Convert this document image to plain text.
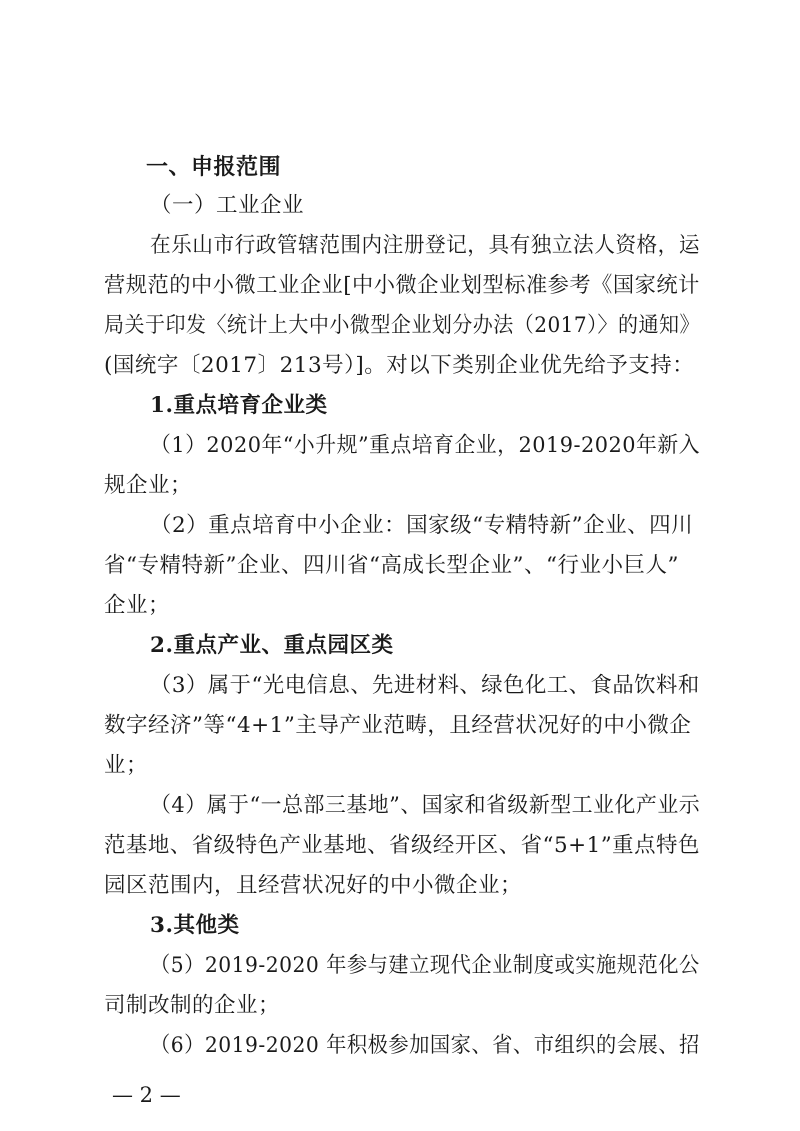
一、申报范围
（一）工业企业
在乐山市行政管辖范围内注册登记，具有独立法人资格，运
营规范的中小微工业企业[中小微企业划型标准参考《国家统计
局关于印发〈统计上大中小微型企业划分办法（2017）〉的通知》
(国统字〔2017〕213号）]。对以下类别企业优先给予支持：
1.重点培育企业类
（1）2020年“小升规”重点培育企业，2019-2020年新入
规企业；
（2）重点培育中小企业：国家级“专精特新”企业、四川
省“专精特新”企业、四川省“高成长型企业”、“行业小巨人”
企业；
2.重点产业、重点园区类
（3）属于“光电信息、先进材料、绿色化工、食品饮料和
数字经济”等“4+1”主导产业范畴，且经营状况好的中小微企
业；
（4）属于“一总部三基地”、国家和省级新型工业化产业示
范基地、省级特色产业基地、省级经开区、省“5+1”重点特色
园区范围内，且经营状况好的中小微企业；
3.其他类
（5）2019-2020 年参与建立现代企业制度或实施规范化公
司制改制的企业；
（6）2019-2020 年积极参加国家、省、市组织的会展、招
— 2 —
